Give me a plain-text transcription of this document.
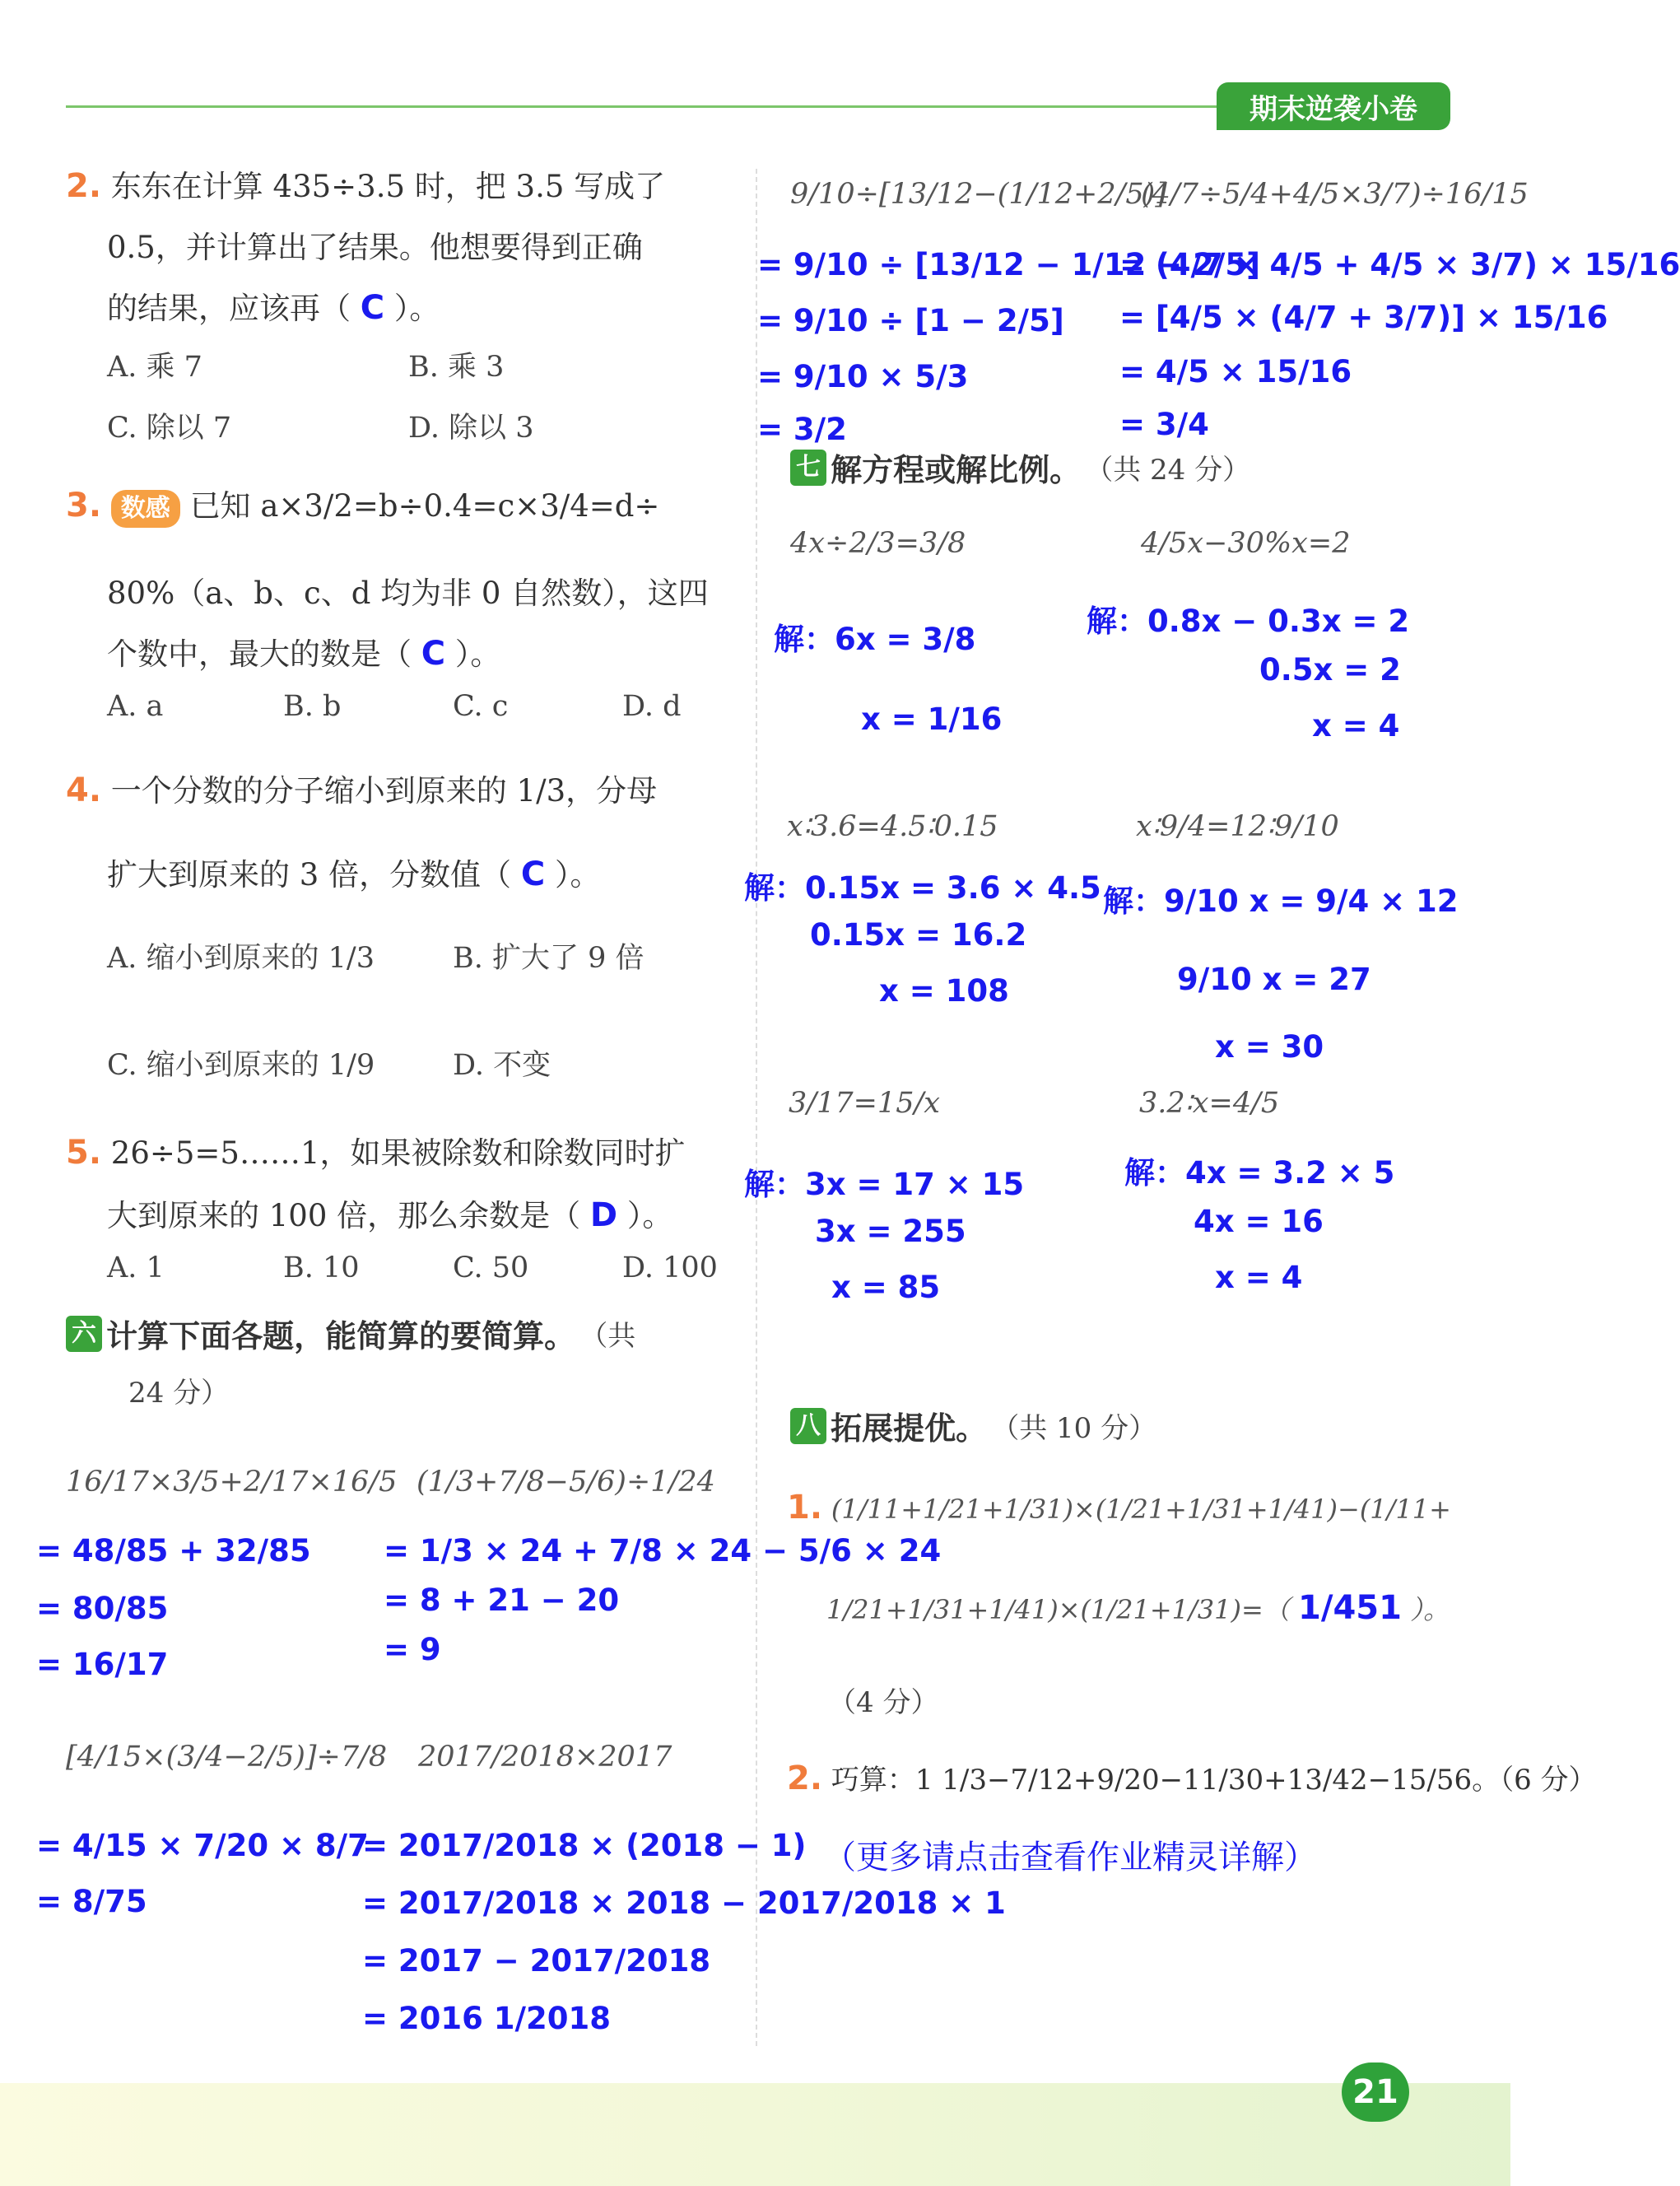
期末逆袭小卷
2. 东东在计算 435÷3.5 时，把 3.5 写成了
0.5，并计算出了结果。他想要得到正确
的结果，应该再（ C ）。
A. 乘 7	B. 乘 3
C. 除以 7	D. 除以 3
3. 数感 已知 a×3/2=b÷0.4=c×3/4=d÷
80%（a、b、c、d 均为非 0 自然数），这四
个数中，最大的数是（ C ）。
A. a	B. b	C. c	D. d
4. 一个分数的分子缩小到原来的 1/3，分母
扩大到原来的 3 倍，分数值（ C ）。
A. 缩小到原来的 1/3	B. 扩大了 9 倍
C. 缩小到原来的 1/9	D. 不变
5. 26÷5=5……1，如果被除数和除数同时扩
大到原来的 100 倍，那么余数是（ D ）。
A. 1	B. 10	C. 50	D. 100
六 计算下面各题，能简算的要简算。 （共
24 分）
16/17×3/5+2/17×16/5
= 48/85 + 32/85
= 80/85
= 16/17
(1/3+7/8−5/6)÷1/24
= 1/3 × 24 + 7/8 × 24 − 5/6 × 24
= 8 + 21 − 20
= 9
[4/15×(3/4−2/5)]÷7/8
= 4/15 × 7/20 × 8/7
= 8/75
2017/2018×2017
= 2017/2018 × (2018 − 1)
= 2017/2018 × 2018 − 2017/2018 × 1
= 2017 − 2017/2018
= 2016 1/2018
9/10÷[13/12−(1/12+2/5)]
= 9/10 ÷ [13/12 − 1/12 − 2/5]
= 9/10 ÷ [1 − 2/5]
= 9/10 × 5/3
= 3/2
(4/7÷5/4+4/5×3/7)÷16/15
= (4/7 × 4/5 + 4/5 × 3/7) × 15/16
= [4/5 × (4/7 + 3/7)] × 15/16
= 4/5 × 15/16
= 3/4
七 解方程或解比例。 （共 24 分）
4x÷2/3=3/8
解：6x = 3/8
x = 1/16
4/5x−30%x=2
解：0.8x − 0.3x = 2
0.5x = 2
x = 4
x∶3.6=4.5∶0.15
解：0.15x = 3.6 × 4.5
0.15x = 16.2
x = 108
x∶9/4=12∶9/10
解：9/10 x = 9/4 × 12
9/10 x = 27
x = 30
3/17=15/x
解：3x = 17 × 15
3x = 255
x = 85
3.2∶x=4/5
解：4x = 3.2 × 5
4x = 16
x = 4
八 拓展提优。 （共 10 分）
1. (1/11+1/21+1/31)×(1/21+1/31+1/41)−(1/11+
1/21+1/31+1/41)×(1/21+1/31)=（ 1/451 ）。
（4 分）
2. 巧算：1 1/3−7/12+9/20−11/30+13/42−15/56。（6 分）
（更多请点击查看作业精灵详解）
21
